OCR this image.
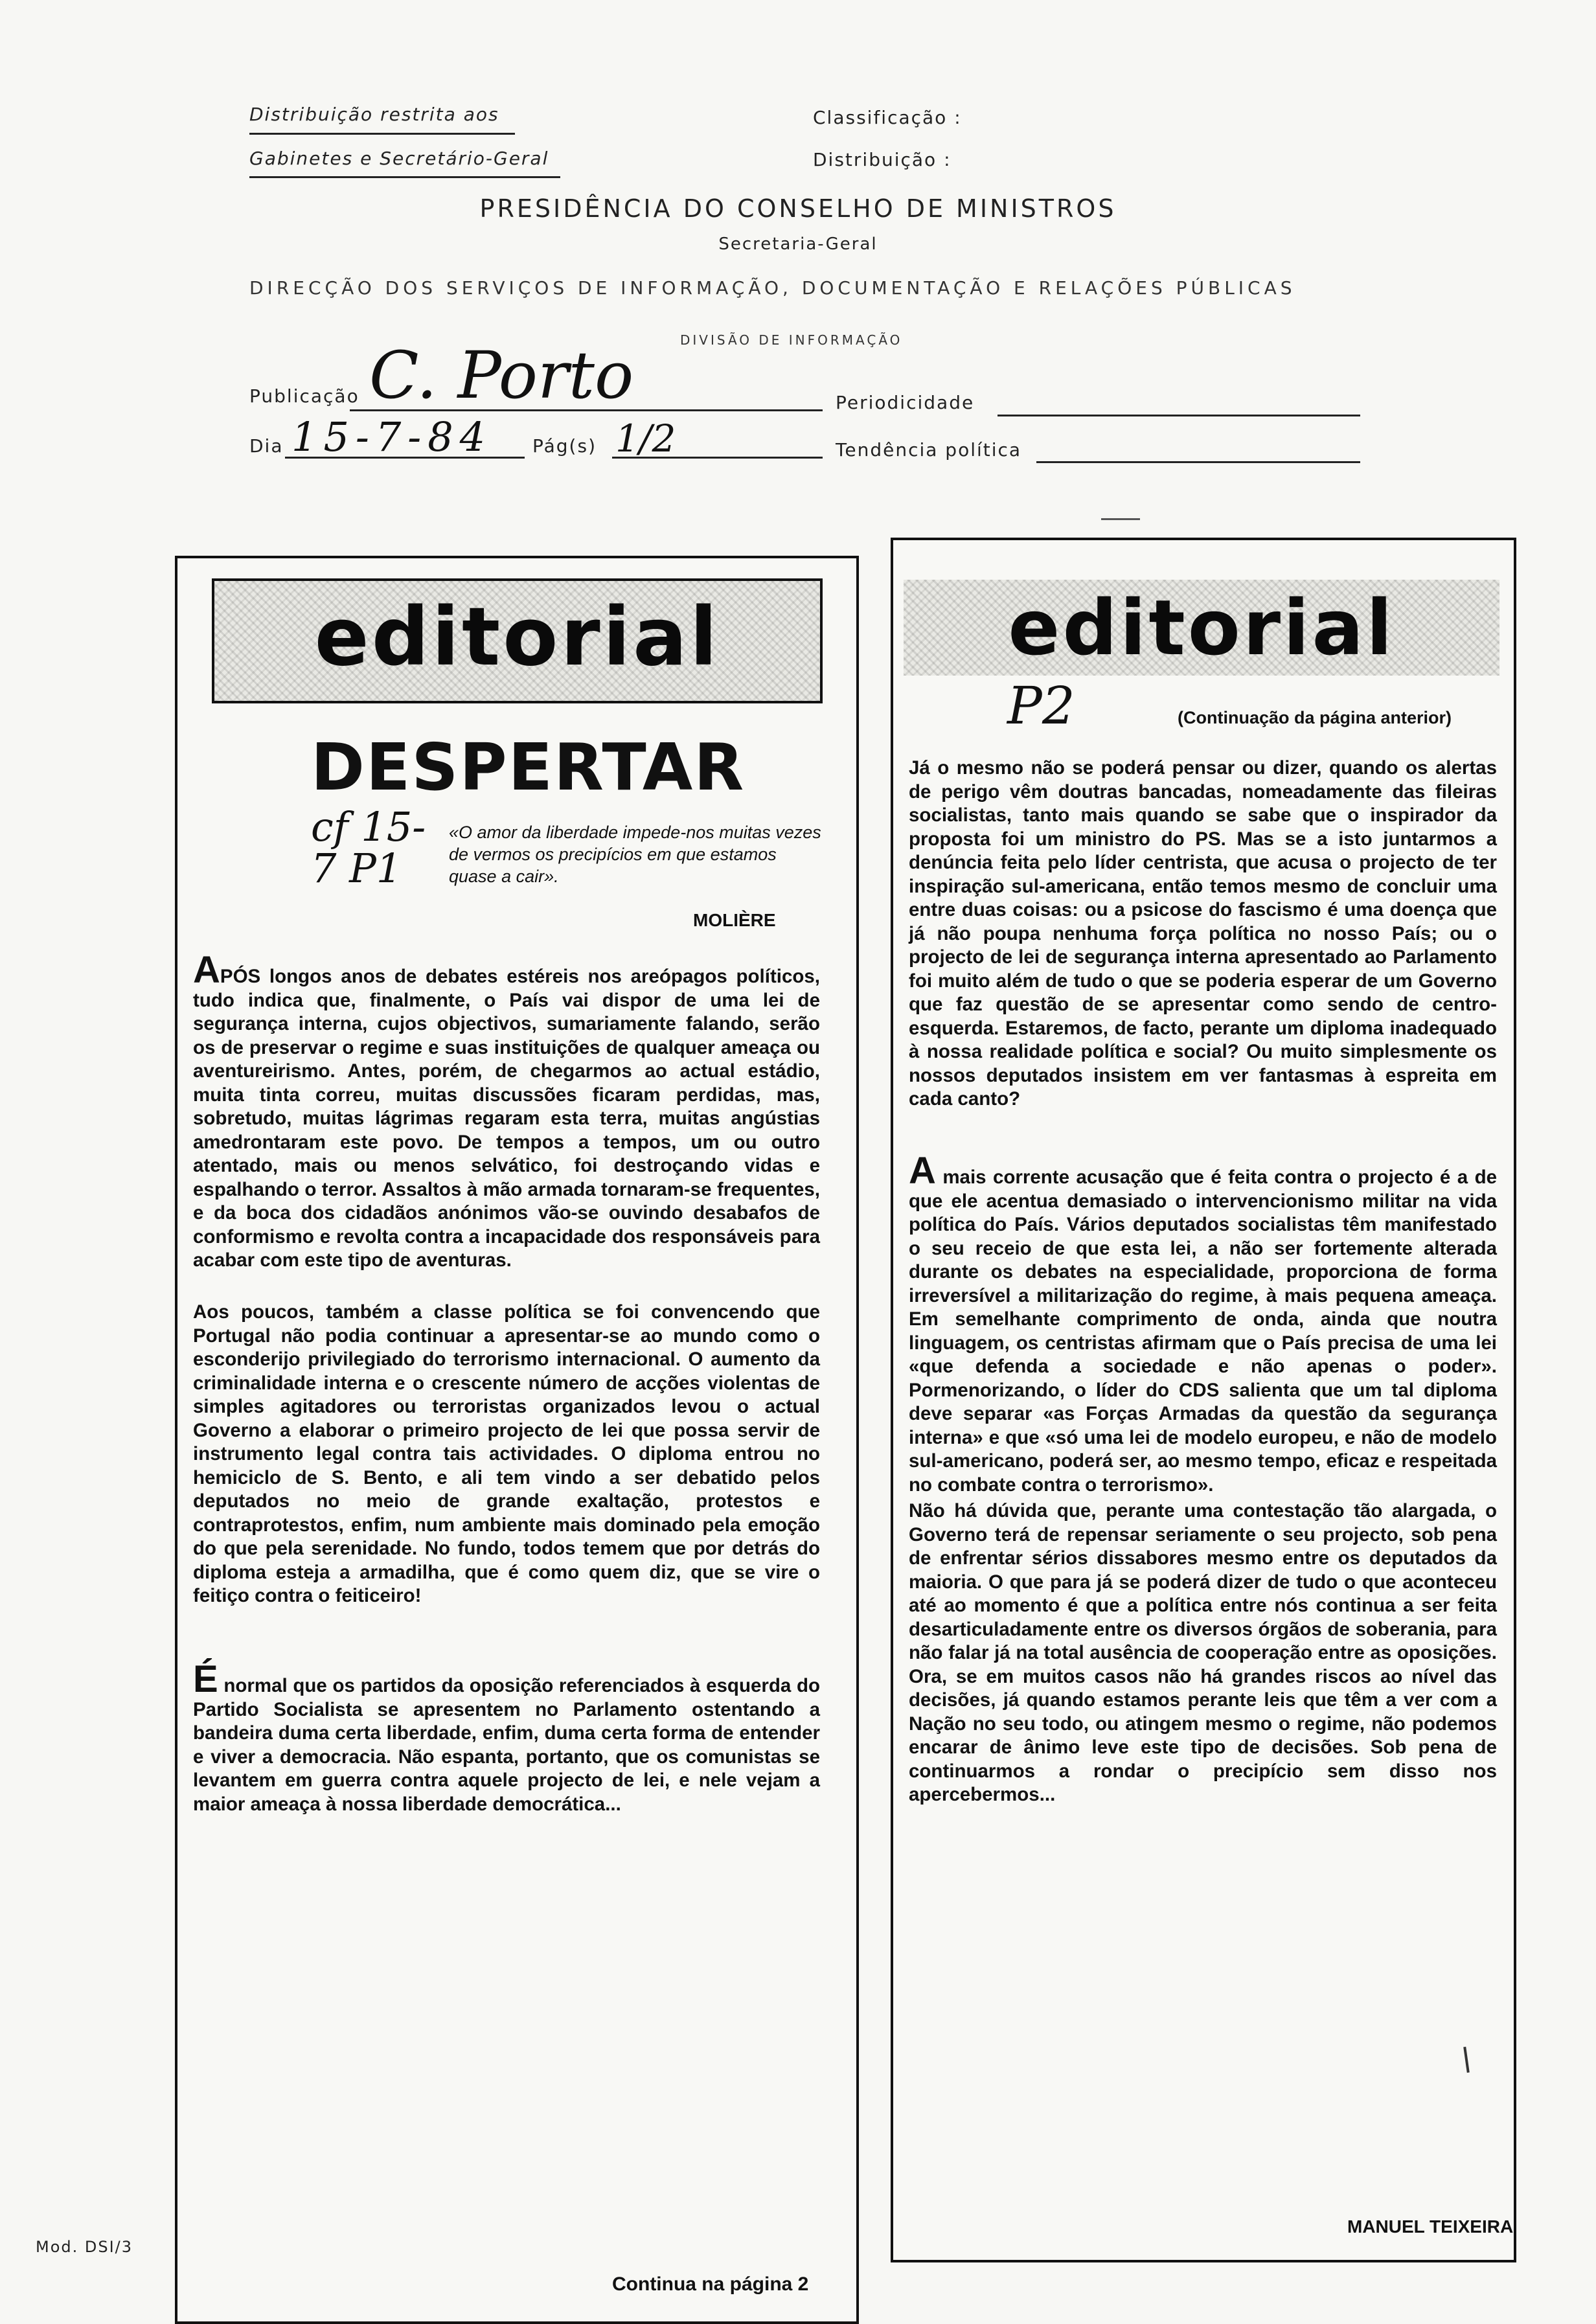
Distribuição restrita aos
Gabinetes e Secretário-Geral
Classificação :
Distribuição :
PRESIDÊNCIA DO CONSELHO DE MINISTROS
Secretaria-Geral
DIRECÇÃO DOS SERVIÇOS DE INFORMAÇÃO, DOCUMENTAÇÃO E RELAÇÕES PÚBLICAS
DIVISÃO DE INFORMAÇÃO
Publicação C. Porto	Periodicidade
Dia 15-7-84 Pág(s) 1/2	Tendência política
editorial
DESPERTAR
cf 15-7 P1
«O amor da liberdade impede-nos muitas vezes de vermos os precipícios em que estamos quase a cair».
MOLIÈRE

APÓS longos anos de debates estéreis nos areópagos políticos, tudo indica que, finalmente, o País vai dispor de uma lei de segurança interna, cujos objectivos, sumariamente falando, serão os de preservar o regime e suas instituições de qualquer ameaça ou aventureirismo. Antes, porém, de chegarmos ao actual estádio, muita tinta correu, muitas discussões ficaram perdidas, mas, sobretudo, muitas lágrimas regaram esta terra, muitas angústias amedrontaram este povo. De tempos a tempos, um ou outro atentado, mais ou menos selvático, foi destroçando vidas e espalhando o terror. Assaltos à mão armada tornaram-se frequentes, e da boca dos cidadãos anónimos vão-se ouvindo desabafos de conformismo e revolta contra a incapacidade dos responsáveis para acabar com este tipo de aventuras.

Aos poucos, também a classe política se foi convencendo que Portugal não podia continuar a apresentar-se ao mundo como o esconderijo privilegiado do terrorismo internacional. O aumento da criminalidade interna e o crescente número de acções violentas de simples agitadores ou terroristas organizados levou o actual Governo a elaborar o primeiro projecto de lei que possa servir de instrumento legal contra tais actividades. O diploma entrou no hemiciclo de S. Bento, e ali tem vindo a ser debatido pelos deputados no meio de grande exaltação, protestos e contraprotestos, enfim, num ambiente mais dominado pela emoção do que pela serenidade. No fundo, todos temem que por detrás do diploma esteja a armadilha, que é como quem diz, que se vire o feitiço contra o feiticeiro!

É normal que os partidos da oposição referenciados à esquerda do Partido Socialista se apresentem no Parlamento ostentando a bandeira duma certa liberdade, enfim, duma certa forma de entender e viver a democracia. Não espanta, portanto, que os comunistas se levantem em guerra contra aquele projecto de lei, e nele vejam a maior ameaça à nossa liberdade democrática...

Continua na página 2
editorial
P2	(Continuação da página anterior)

Já o mesmo não se poderá pensar ou dizer, quando os alertas de perigo vêm doutras bancadas, nomeadamente das fileiras socialistas, tanto mais quando se sabe que o inspirador da proposta foi um ministro do PS. Mas se a isto juntarmos a denúncia feita pelo líder centrista, que acusa o projecto de ter inspiração sul-americana, então temos mesmo de concluir uma entre duas coisas: ou a psicose do fascismo é uma doença que já não poupa nenhuma força política no nosso País; ou o projecto de lei de segurança interna apresentado ao Parlamento foi muito além de tudo o que se poderia esperar de um Governo que faz questão de se apresentar como sendo de centro-esquerda. Estaremos, de facto, perante um diploma inadequado à nossa realidade política e social? Ou muito simplesmente os nossos deputados insistem em ver fantasmas à espreita em cada canto?

A mais corrente acusação que é feita contra o projecto é a de que ele acentua demasiado o intervencionismo militar na vida política do País. Vários deputados socialistas têm manifestado o seu receio de que esta lei, a não ser fortemente alterada durante os debates na especialidade, proporciona de forma irreversível a militarização do regime, à mais pequena ameaça. Em semelhante comprimento de onda, ainda que noutra linguagem, os centristas afirmam que o País precisa de uma lei «que defenda a sociedade e não apenas o poder». Pormenorizando, o líder do CDS salienta que um tal diploma deve separar «as Forças Armadas da questão da segurança interna» e que «só uma lei de modelo europeu, e não de modelo sul-americano, poderá ser, ao mesmo tempo, eficaz e respeitada no combate contra o terrorismo».

Não há dúvida que, perante uma contestação tão alargada, o Governo terá de repensar seriamente o seu projecto, sob pena de enfrentar sérios dissabores mesmo entre os deputados da maioria. O que para já se poderá dizer de tudo o que aconteceu até ao momento é que a política entre nós continua a ser feita desarticuladamente entre os diversos órgãos de soberania, para não falar já na total ausência de cooperação entre as oposições. Ora, se em muitos casos não há grandes riscos ao nível das decisões, já quando estamos perante leis que têm a ver com a Nação no seu todo, ou atingem mesmo o regime, não podemos encarar de ânimo leve este tipo de decisões. Sob pena de continuarmos a rondar o precipício sem disso nos apercebermos...

MANUEL TEIXEIRA
Mod. DSI/3
